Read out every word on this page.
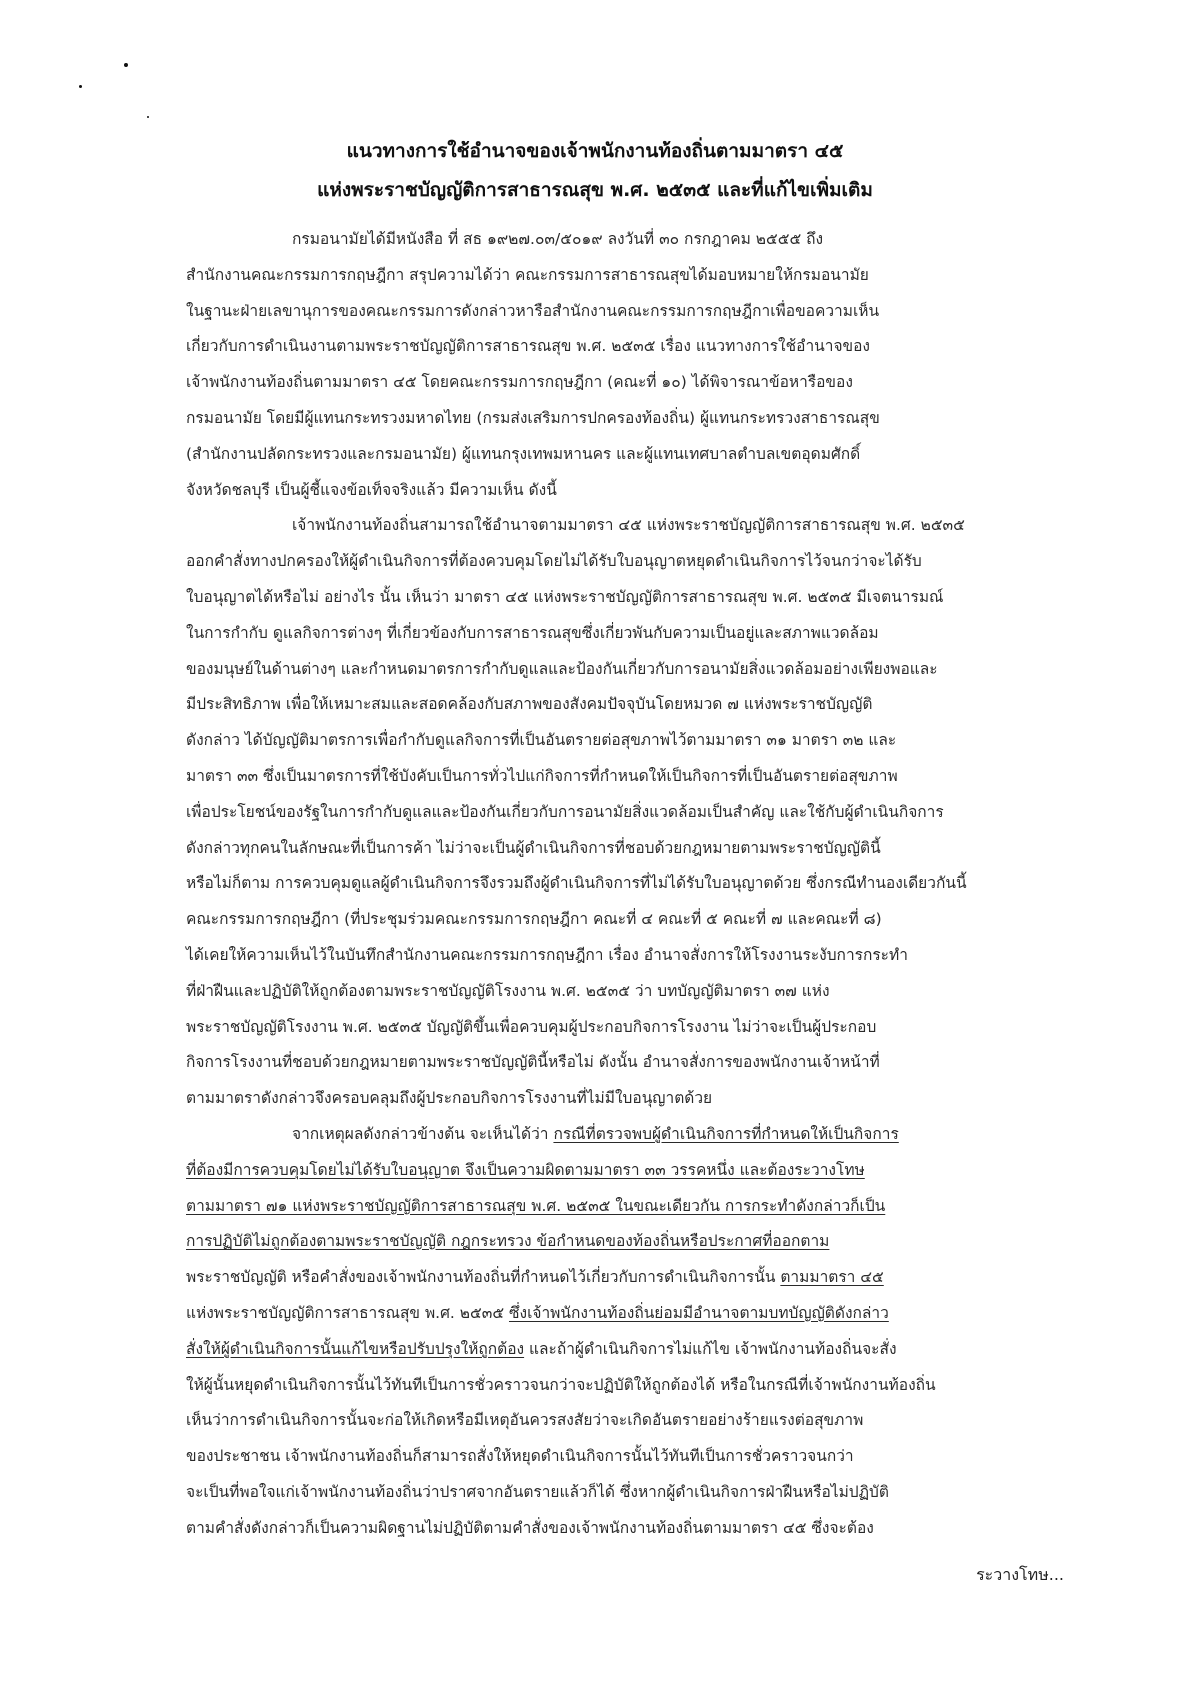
แนวทางการใช้อำนาจของเจ้าพนักงานท้องถิ่นตามมาตรา ๔๕
แห่งพระราชบัญญัติการสาธารณสุข พ.ศ. ๒๕๓๕ และที่แก้ไขเพิ่มเติม
กรมอนามัยได้มีหนังสือ ที่ สธ ๑๙๒๗.๐๓/๕๐๑๙ ลงวันที่ ๓๐ กรกฎาคม ๒๕๕๕ ถึง
สำนักงานคณะกรรมการกฤษฎีกา สรุปความได้ว่า คณะกรรมการสาธารณสุขได้มอบหมายให้กรมอนามัย
ในฐานะฝ่ายเลขานุการของคณะกรรมการดังกล่าวหารือสำนักงานคณะกรรมการกฤษฎีกาเพื่อขอความเห็น
เกี่ยวกับการดำเนินงานตามพระราชบัญญัติการสาธารณสุข พ.ศ. ๒๕๓๕ เรื่อง แนวทางการใช้อำนาจของ
เจ้าพนักงานท้องถิ่นตามมาตรา ๔๕ โดยคณะกรรมการกฤษฎีกา (คณะที่ ๑๐) ได้พิจารณาข้อหารือของ
กรมอนามัย โดยมีผู้แทนกระทรวงมหาดไทย (กรมส่งเสริมการปกครองท้องถิ่น) ผู้แทนกระทรวงสาธารณสุข
(สำนักงานปลัดกระทรวงและกรมอนามัย) ผู้แทนกรุงเทพมหานคร และผู้แทนเทศบาลตำบลเขตอุดมศักดิ์
จังหวัดชลบุรี เป็นผู้ชี้แจงข้อเท็จจริงแล้ว มีความเห็น ดังนี้
เจ้าพนักงานท้องถิ่นสามารถใช้อำนาจตามมาตรา ๔๕ แห่งพระราชบัญญัติการสาธารณสุข พ.ศ. ๒๕๓๕
ออกคำสั่งทางปกครองให้ผู้ดำเนินกิจการที่ต้องควบคุมโดยไม่ได้รับใบอนุญาตหยุดดำเนินกิจการไว้จนกว่าจะได้รับ
ใบอนุญาตได้หรือไม่ อย่างไร นั้น เห็นว่า มาตรา ๔๕ แห่งพระราชบัญญัติการสาธารณสุข พ.ศ. ๒๕๓๕ มีเจตนารมณ์
ในการกำกับ ดูแลกิจการต่างๆ ที่เกี่ยวข้องกับการสาธารณสุขซึ่งเกี่ยวพันกับความเป็นอยู่และสภาพแวดล้อม
ของมนุษย์ในด้านต่างๆ และกำหนดมาตรการกำกับดูแลและป้องกันเกี่ยวกับการอนามัยสิ่งแวดล้อมอย่างเพียงพอและ
มีประสิทธิภาพ เพื่อให้เหมาะสมและสอดคล้องกับสภาพของสังคมปัจจุบันโดยหมวด ๗ แห่งพระราชบัญญัติ
ดังกล่าว ได้บัญญัติมาตรการเพื่อกำกับดูแลกิจการที่เป็นอันตรายต่อสุขภาพไว้ตามมาตรา ๓๑ มาตรา ๓๒ และ
มาตรา ๓๓ ซึ่งเป็นมาตรการที่ใช้บังคับเป็นการทั่วไปแก่กิจการที่กำหนดให้เป็นกิจการที่เป็นอันตรายต่อสุขภาพ
เพื่อประโยชน์ของรัฐในการกำกับดูแลและป้องกันเกี่ยวกับการอนามัยสิ่งแวดล้อมเป็นสำคัญ และใช้กับผู้ดำเนินกิจการ
ดังกล่าวทุกคนในลักษณะที่เป็นการค้า ไม่ว่าจะเป็นผู้ดำเนินกิจการที่ชอบด้วยกฎหมายตามพระราชบัญญัตินี้
หรือไม่ก็ตาม การควบคุมดูแลผู้ดำเนินกิจการจึงรวมถึงผู้ดำเนินกิจการที่ไม่ได้รับใบอนุญาตด้วย ซึ่งกรณีทำนองเดียวกันนี้
คณะกรรมการกฤษฎีกา (ที่ประชุมร่วมคณะกรรมการกฤษฎีกา คณะที่ ๔ คณะที่ ๕ คณะที่ ๗ และคณะที่ ๘)
ได้เคยให้ความเห็นไว้ในบันทึกสำนักงานคณะกรรมการกฤษฎีกา เรื่อง อำนาจสั่งการให้โรงงานระงับการกระทำ
ที่ฝ่าฝืนและปฏิบัติให้ถูกต้องตามพระราชบัญญัติโรงงาน พ.ศ. ๒๕๓๕ ว่า บทบัญญัติมาตรา ๓๗ แห่ง
พระราชบัญญัติโรงงาน พ.ศ. ๒๕๓๕ บัญญัติขึ้นเพื่อควบคุมผู้ประกอบกิจการโรงงาน ไม่ว่าจะเป็นผู้ประกอบ
กิจการโรงงานที่ชอบด้วยกฎหมายตามพระราชบัญญัตินี้หรือไม่ ดังนั้น อำนาจสั่งการของพนักงานเจ้าหน้าที่
ตามมาตราดังกล่าวจึงครอบคลุมถึงผู้ประกอบกิจการโรงงานที่ไม่มีใบอนุญาตด้วย
จากเหตุผลดังกล่าวข้างต้น จะเห็นได้ว่า กรณีที่ตรวจพบผู้ดำเนินกิจการที่กำหนดให้เป็นกิจการ
ที่ต้องมีการควบคุมโดยไม่ได้รับใบอนุญาต จึงเป็นความผิดตามมาตรา ๓๓ วรรคหนึ่ง และต้องระวางโทษ
ตามมาตรา ๗๑ แห่งพระราชบัญญัติการสาธารณสุข พ.ศ. ๒๕๓๕ ในขณะเดียวกัน การกระทำดังกล่าวก็เป็น
การปฏิบัติไม่ถูกต้องตามพระราชบัญญัติ กฎกระทรวง ข้อกำหนดของท้องถิ่นหรือประกาศที่ออกตาม
พระราชบัญญัติ หรือคำสั่งของเจ้าพนักงานท้องถิ่นที่กำหนดไว้เกี่ยวกับการดำเนินกิจการนั้น ตามมาตรา ๔๕
แห่งพระราชบัญญัติการสาธารณสุข พ.ศ. ๒๕๓๕ ซึ่งเจ้าพนักงานท้องถิ่นย่อมมีอำนาจตามบทบัญญัติดังกล่าว
สั่งให้ผู้ดำเนินกิจการนั้นแก้ไขหรือปรับปรุงให้ถูกต้อง และถ้าผู้ดำเนินกิจการไม่แก้ไข เจ้าพนักงานท้องถิ่นจะสั่ง
ให้ผู้นั้นหยุดดำเนินกิจการนั้นไว้ทันทีเป็นการชั่วคราวจนกว่าจะปฏิบัติให้ถูกต้องได้ หรือในกรณีที่เจ้าพนักงานท้องถิ่น
เห็นว่าการดำเนินกิจการนั้นจะก่อให้เกิดหรือมีเหตุอันควรสงสัยว่าจะเกิดอันตรายอย่างร้ายแรงต่อสุขภาพ
ของประชาชน เจ้าพนักงานท้องถิ่นก็สามารถสั่งให้หยุดดำเนินกิจการนั้นไว้ทันทีเป็นการชั่วคราวจนกว่า
จะเป็นที่พอใจแก่เจ้าพนักงานท้องถิ่นว่าปราศจากอันตรายแล้วก็ได้ ซึ่งหากผู้ดำเนินกิจการฝ่าฝืนหรือไม่ปฏิบัติ
ตามคำสั่งดังกล่าวก็เป็นความผิดฐานไม่ปฏิบัติตามคำสั่งของเจ้าพนักงานท้องถิ่นตามมาตรา ๔๕ ซึ่งจะต้อง
ระวางโทษ...
